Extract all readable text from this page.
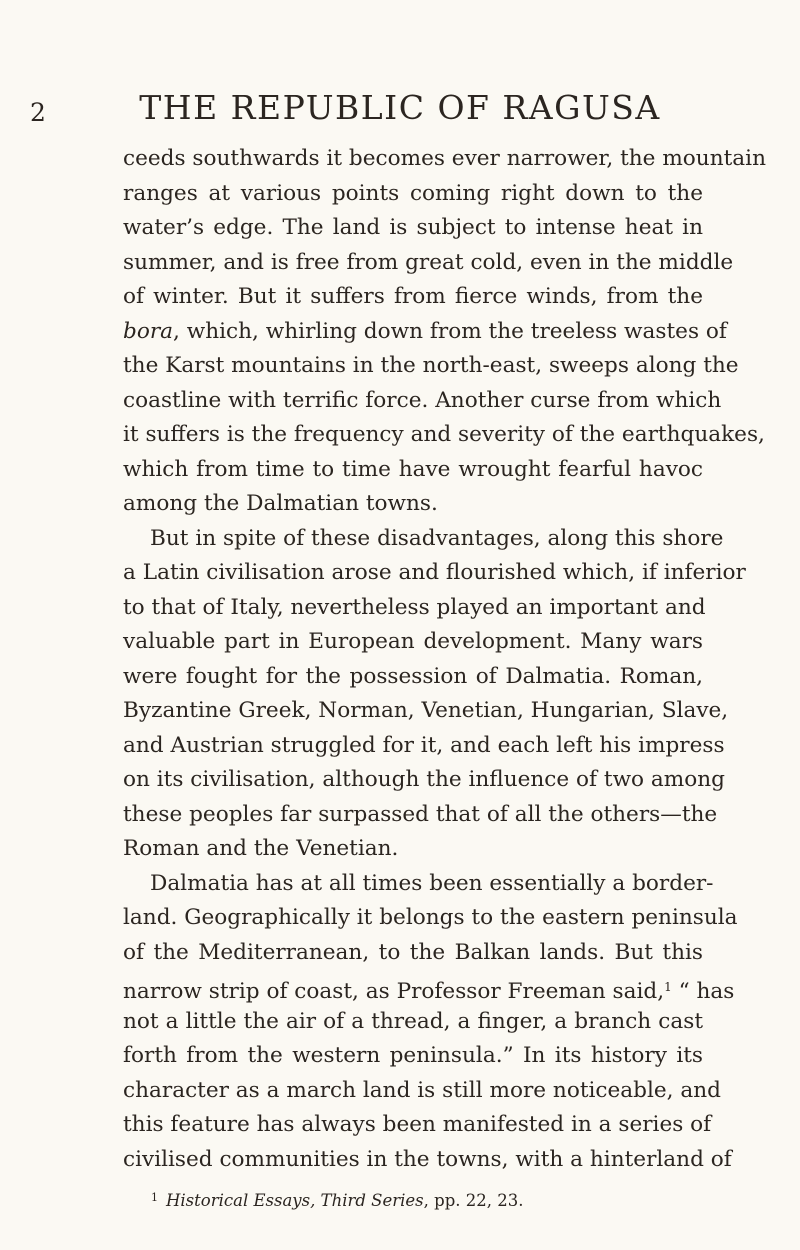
2	THE REPUBLIC OF RAGUSA
ceeds southwards it becomes ever narrower, the mountain
ranges at various points coming right down to the
water’s edge. The land is subject to intense heat in
summer, and is free from great cold, even in the middle
of winter. But it suffers from fierce winds, from the
bora, which, whirling down from the treeless wastes of
the Karst mountains in the north-east, sweeps along the
coastline with terrific force. Another curse from which
it suffers is the frequency and severity of the earthquakes,
which from time to time have wrought fearful havoc
among the Dalmatian towns.
But in spite of these disadvantages, along this shore
a Latin civilisation arose and flourished which, if inferior
to that of Italy, nevertheless played an important and
valuable part in European development. Many wars
were fought for the possession of Dalmatia. Roman,
Byzantine Greek, Norman, Venetian, Hungarian, Slave,
and Austrian struggled for it, and each left his impress
on its civilisation, although the influence of two among
these peoples far surpassed that of all the others—the
Roman and the Venetian.
Dalmatia has at all times been essentially a border-
land. Geographically it belongs to the eastern peninsula
of the Mediterranean, to the Balkan lands. But this
narrow strip of coast, as Professor Freeman said,$^1$ “ has
not a little the air of a thread, a finger, a branch cast
forth from the western peninsula.” In its history its
character as a march land is still more noticeable, and
this feature has always been manifested in a series of
civilised communities in the towns, with a hinterland of
$^1$ Historical Essays, Third Series, pp. 22, 23.
